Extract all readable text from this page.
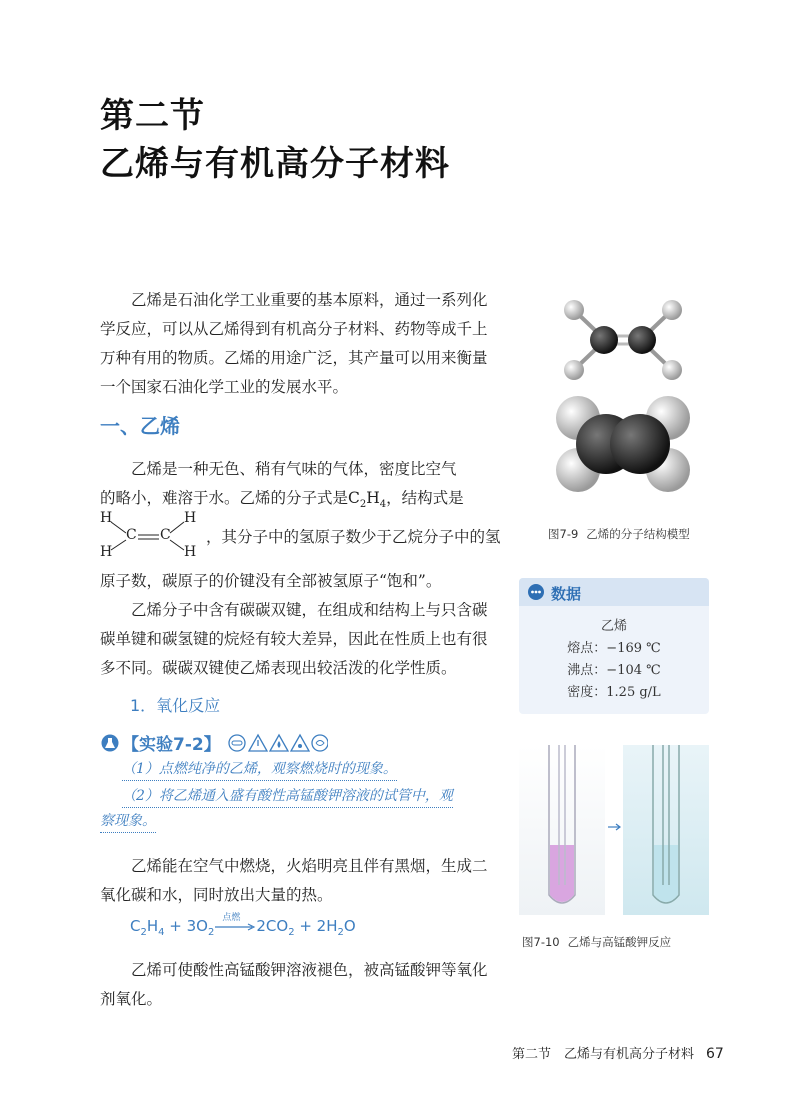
第二节
乙烯与有机高分子材料

乙烯是石油化学工业重要的基本原料，通过一系列化

学反应，可以从乙烯得到有机高分子材料、药物等成千上
万种有用的物质。乙烯的用途广泛，其产量可以用来衡量
一个国家石油化学工业的发展水平。
一、乙烯

乙烯是一种无色、稍有气味的气体，密度比空气

的略小，难溶于水。乙烯的分子式是$C_2H_4$，结构式是
H	H
H	H
C C ，其分子中的氢原子数少于乙烷分子中的氢
原子数，碳原子的价键没有全部被氢原子“饱和”。

乙烯分子中含有碳碳双键，在组成和结构上与只含碳

碳单键和碳氢键的烷烃有较大差异，因此在性质上也有很
多不同。碳碳双键使乙烯表现出较活泼的化学性质。
1．氧化反应
【实验7-2】
（1）点燃纯净的乙烯，观察燃烧时的现象。
（2）将乙烯通入盛有酸性高锰酸钾溶液的试管中，观
察现象。

乙烯能在空气中燃烧，火焰明亮且伴有黑烟，生成二

氧化碳和水，同时放出大量的热。
$C_2H_4 + 3O_2$
点燃 $2CO_2 + 2H_2O$

乙烯可使酸性高锰酸钾溶液褪色，被高锰酸钾等氧化

剂氧化。
图7-9 乙烯的分子结构模型
数据
乙烯
熔点：−169 ℃
沸点：−104 ℃
密度：1.25 g/L
图7-10 乙烯与高锰酸钾反应
第二节　乙烯与有机高分子材料 67
